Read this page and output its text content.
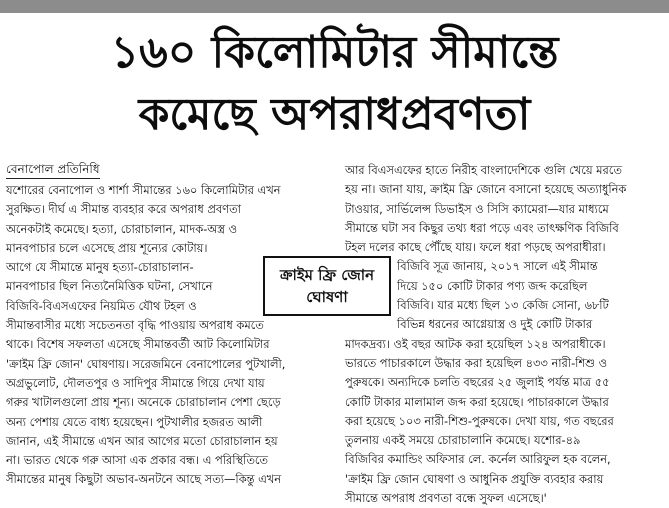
১৬০ কিলোমিটার সীমান্তে
কমেছে অপরাধপ্রবণতা
বেনাপোল প্রতিনিধি
যশোরের বেনাপোল ও শার্শা সীমান্তের ১৬০ কিলোমিটার এখন
সুরক্ষিত। দীর্ঘ এ সীমান্ত ব্যবহার করে অপরাধ প্রবণতা
অনেকটাই কমেছে। হত্যা, চোরাচালান, মাদক-অস্ত্র ও
মানবপাচার চলে এসেছে প্রায় শূন্যের কোটায়।
আগে যে সীমান্তে মানুষ হত্যা-চোরাচালান-
মানবপাচার ছিল নিত্যনৈমিত্তিক ঘটনা, সেখানে
বিজিবি-বিএসএফের নিয়মিত যৌথ টহল ও
সীমান্তবাসীর মধ্যে সচেতনতা বৃদ্ধি পাওয়ায় অপরাধ কমতে
থাকে। বিশেষ সফলতা এসেছে সীমান্তবর্তী আট কিলোমিটার
'ক্রাইম ফ্রি জোন' ঘোষণায়। সরেজমিনে বেনাপোলের পুটখালী,
অগ্রভুলোট, দৌলতপুর ও সাদিপুর সীমান্তে গিয়ে দেখা যায়
গরুর খাটালগুলো প্রায় শূন্য। অনেকে চোরাচালান পেশা ছেড়ে
অন্য পেশায় যেতে বাধ্য হয়েছেন। পুটখালীর হজরত আলী
জানান, এই সীমান্তে এখন আর আগের মতো চোরাচালান হয়
না। ভারত থেকে গরু আসা এক প্রকার বন্ধ। এ পরিস্থিতিতে
সীমান্তের মানুষ কিছুটা অভাব-অনটনে আছে সত্য—কিন্তু এখন
ক্রাইম ফ্রি জোন
ঘোষণা
আর বিএসএফের হাতে নিরীহ বাংলাদেশিকে গুলি খেয়ে মরতে
হয় না। জানা যায়, ক্রাইম ফ্রি জোনে বসানো হয়েছে অত্যাধুনিক
টাওয়ার, সার্ভিলেন্স ডিভাইস ও সিসি ক্যামেরা—যার মাধ্যমে
সীমান্তে ঘটা সব কিছুর তথ্য ধরা পড়ে এবং তাৎক্ষণিক বিজিবি
টহল দলের কাছে পৌঁছে যায়। ফলে ধরা পড়ছে অপরাধীরা।
বিজিবি সূত্র জানায়, ২০১৭ সালে এই সীমান্ত
দিয়ে ১৫০ কোটি টাকার পণ্য জব্দ করেছিল
বিজিবি। যার মধ্যে ছিল ১৩ কেজি সোনা, ৬৮টি
বিভিন্ন ধরনের আগ্নেয়াস্ত্র ও দুই কোটি টাকার
মাদকদ্রব্য। ওই বছর আটক করা হয়েছিল ১২৪ অপরাধীকে।
ভারতে পাচারকালে উদ্ধার করা হয়েছিল ৪৩৩ নারী-শিশু ও
পুরুষকে। অন্যদিকে চলতি বছরের ২৫ জুলাই পর্যন্ত মাত্র ৫৫
কোটি টাকার মালামাল জব্দ করা হয়েছে। পাচারকালে উদ্ধার
করা হয়েছে ১০৩ নারী-শিশু-পুরুষকে। দেখা যায়, গত বছরের
তুলনায় একই সময়ে চোরাচালানি কমেছে। যশোর-৪৯
বিজিবির কমান্ডিং অফিসার লে. কর্নেল আরিফুল হক বলেন,
'ক্রাইম ফ্রি জোন ঘোষণা ও আধুনিক প্রযুক্তি ব্যবহার করায়
সীমান্তে অপরাধ প্রবণতা বন্ধে সুফল এসেছে।'
